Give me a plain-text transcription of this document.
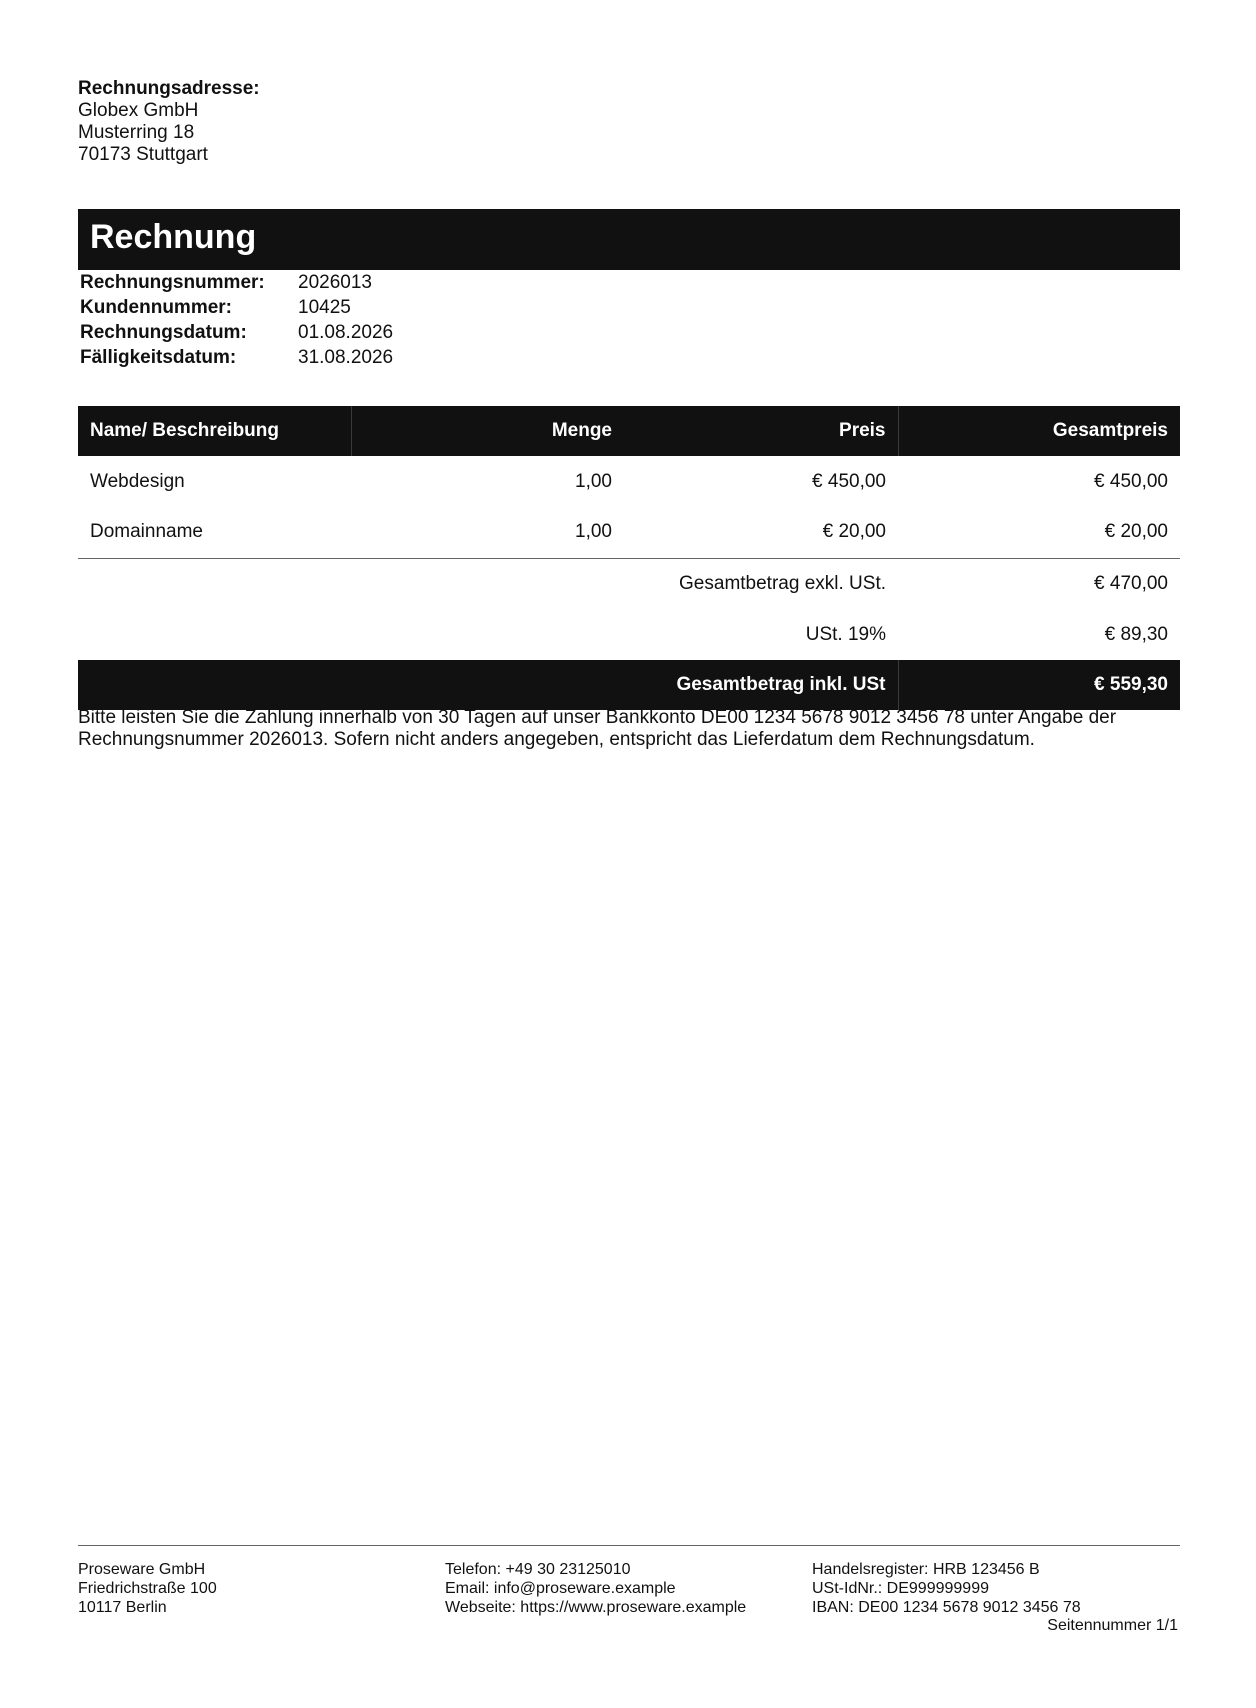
Rechnungsadresse:
Globex GmbH
Musterring 18
70173 Stuttgart
Rechnung
Rechnungsnummer:	2026013
Kundennummer:	10425
Rechnungsdatum:	01.08.2026
Fälligkeitsdatum:	31.08.2026
Name/ Beschreibung	Menge	Preis	Gesamtpreis
Webdesign	1,00	€ 450,00	€ 450,00
Domainname	1,00	€ 20,00	€ 20,00
		Gesamtbetrag exkl. USt.	€ 470,00
		USt. 19%	€ 89,30
		Gesamtbetrag inkl. USt	€ 559,30
Bitte leisten Sie die Zahlung innerhalb von 30 Tagen auf unser Bankkonto DE00 1234 5678 9012 3456 78 unter Angabe der Rechnungsnummer 2026013. Sofern nicht anders angegeben, entspricht das Lieferdatum dem Rechnungsdatum.
Proseware GmbH
Friedrichstraße 100
10117 Berlin
Telefon: +49 30 23125010
Email: info@proseware.example
Webseite: https://www.proseware.example
Handelsregister: HRB 123456 B
USt-IdNr.: DE999999999
IBAN: DE00 1234 5678 9012 3456 78
Seitennummer 1/1
